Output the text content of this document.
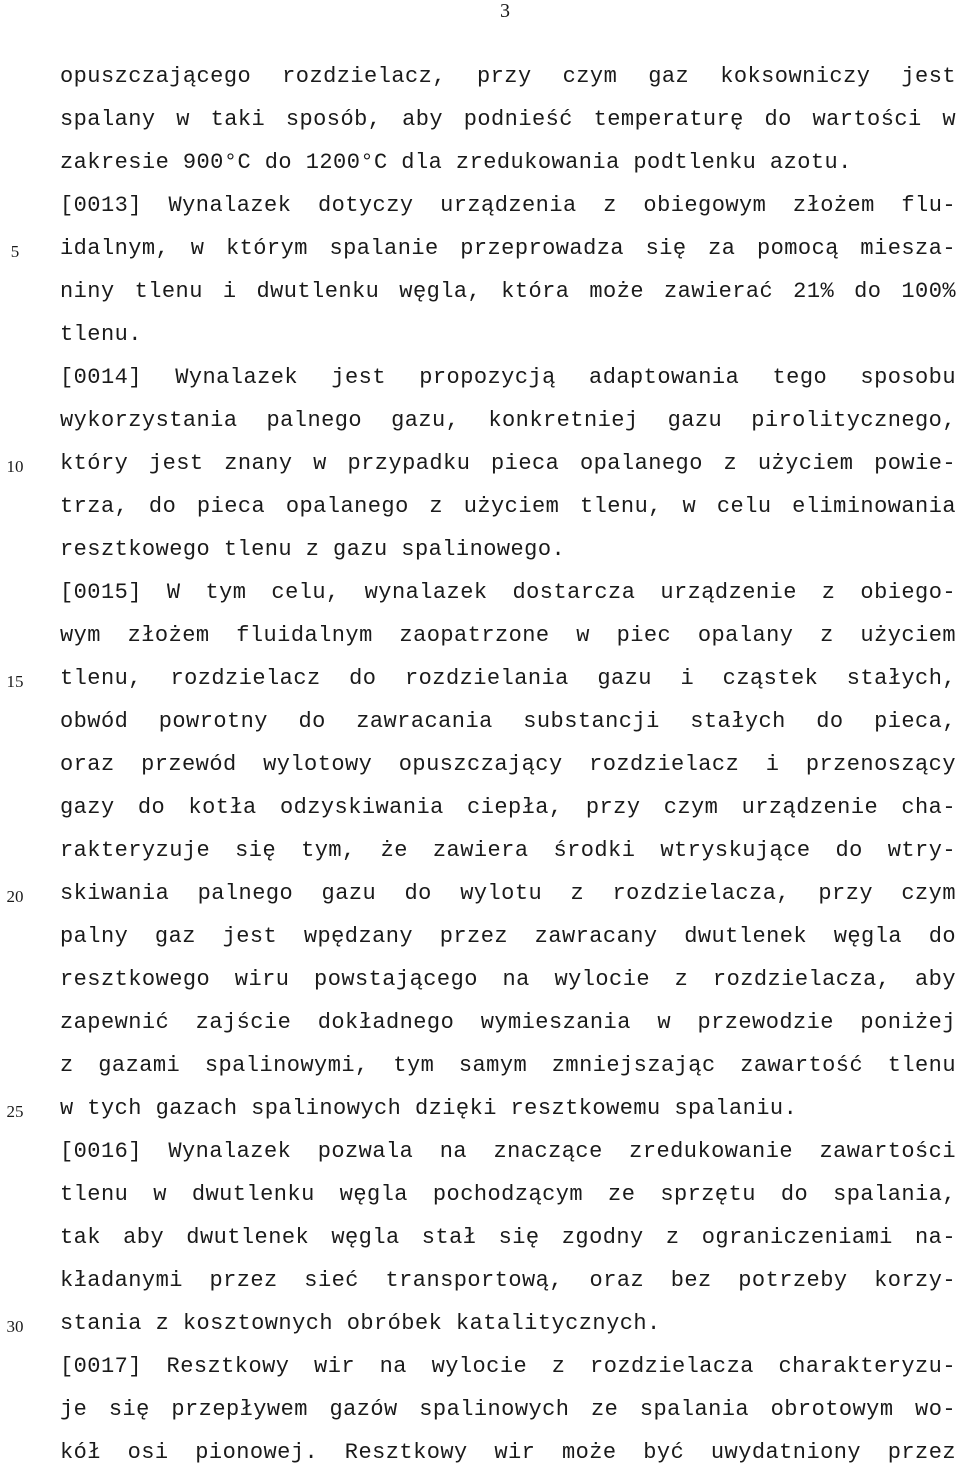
3
5
10
15
20
25
30
opuszczającego rozdzielacz, przy czym gaz koksowniczy jest
spalany w taki sposób, aby podnieść temperaturę do wartości w
zakresie 900°C do 1200°C dla zredukowania podtlenku azotu.
[0013] Wynalazek dotyczy urządzenia z obiegowym złożem flu-
idalnym, w którym spalanie przeprowadza się za pomocą miesza-
niny tlenu i dwutlenku węgla, która może zawierać 21% do 100%
tlenu.
[0014] Wynalazek jest propozycją adaptowania tego sposobu
wykorzystania palnego gazu, konkretniej gazu pirolitycznego,
który jest znany w przypadku pieca opalanego z użyciem powie-
trza, do pieca opalanego z użyciem tlenu, w celu eliminowania
resztkowego tlenu z gazu spalinowego.
[0015] W tym celu, wynalazek dostarcza urządzenie z obiego-
wym złożem fluidalnym zaopatrzone w piec opalany z użyciem
tlenu, rozdzielacz do rozdzielania gazu i cząstek stałych,
obwód powrotny do zawracania substancji stałych do pieca,
oraz przewód wylotowy opuszczający rozdzielacz i przenoszący
gazy do kotła odzyskiwania ciepła, przy czym urządzenie cha-
rakteryzuje się tym, że zawiera środki wtryskujące do wtry-
skiwania palnego gazu do wylotu z rozdzielacza, przy czym
palny gaz jest wpędzany przez zawracany dwutlenek węgla do
resztkowego wiru powstającego na wylocie z rozdzielacza, aby
zapewnić zajście dokładnego wymieszania w przewodzie poniżej
z gazami spalinowymi, tym samym zmniejszając zawartość tlenu
w tych gazach spalinowych dzięki resztkowemu spalaniu.
[0016] Wynalazek pozwala na znaczące zredukowanie zawartości
tlenu w dwutlenku węgla pochodzącym ze sprzętu do spalania,
tak aby dwutlenek węgla stał się zgodny z ograniczeniami na-
kładanymi przez sieć transportową, oraz bez potrzeby korzy-
stania z kosztownych obróbek katalitycznych.
[0017] Resztkowy wir na wylocie z rozdzielacza charakteryzu-
je się przepływem gazów spalinowych ze spalania obrotowym wo-
kół osi pionowej. Resztkowy wir może być uwydatniony przez
